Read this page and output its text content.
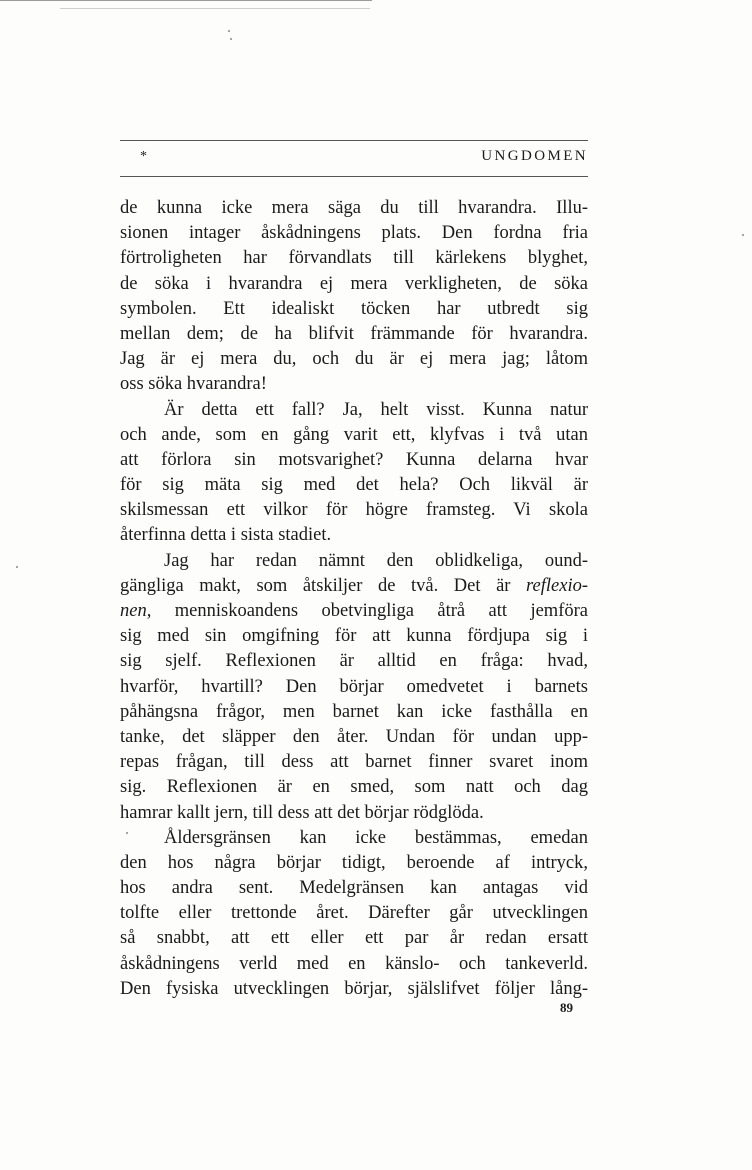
*	UNGDOMEN
de kunna icke mera säga du till hvarandra. Illu-
sionen intager åskådningens plats. Den fordna fria
förtroligheten har förvandlats till kärlekens blyghet,
de söka i hvarandra ej mera verkligheten, de söka
symbolen. Ett idealiskt töcken har utbredt sig
mellan dem; de ha blifvit främmande för hvarandra.
Jag är ej mera du, och du är ej mera jag; låtom
oss söka hvarandra!
Är detta ett fall? Ja, helt visst. Kunna natur
och ande, som en gång varit ett, klyfvas i två utan
att förlora sin motsvarighet? Kunna delarna hvar
för sig mäta sig med det hela? Och likväl är
skilsmessan ett vilkor för högre framsteg. Vi skola
återfinna detta i sista stadiet.
Jag har redan nämnt den oblidkeliga, ound-
gängliga makt, som åtskiljer de två. Det är reflexio-
nen, menniskoandens obetvingliga åtrå att jemföra
sig med sin omgifning för att kunna fördjupa sig i
sig sjelf. Reflexionen är alltid en fråga: hvad,
hvarför, hvartill? Den börjar omedvetet i barnets
påhängsna frågor, men barnet kan icke fasthålla en
tanke, det släpper den åter. Undan för undan upp-
repas frågan, till dess att barnet finner svaret inom
sig. Reflexionen är en smed, som natt och dag
hamrar kallt jern, till dess att det börjar rödglöda.
Åldersgränsen kan icke bestämmas, emedan
den hos några börjar tidigt, beroende af intryck,
hos andra sent. Medelgränsen kan antagas vid
tolfte eller trettonde året. Därefter går utvecklingen
så snabbt, att ett eller ett par år redan ersatt
åskådningens verld med en känslo- och tankeverld.
Den fysiska utvecklingen börjar, själslifvet följer lång-
89
